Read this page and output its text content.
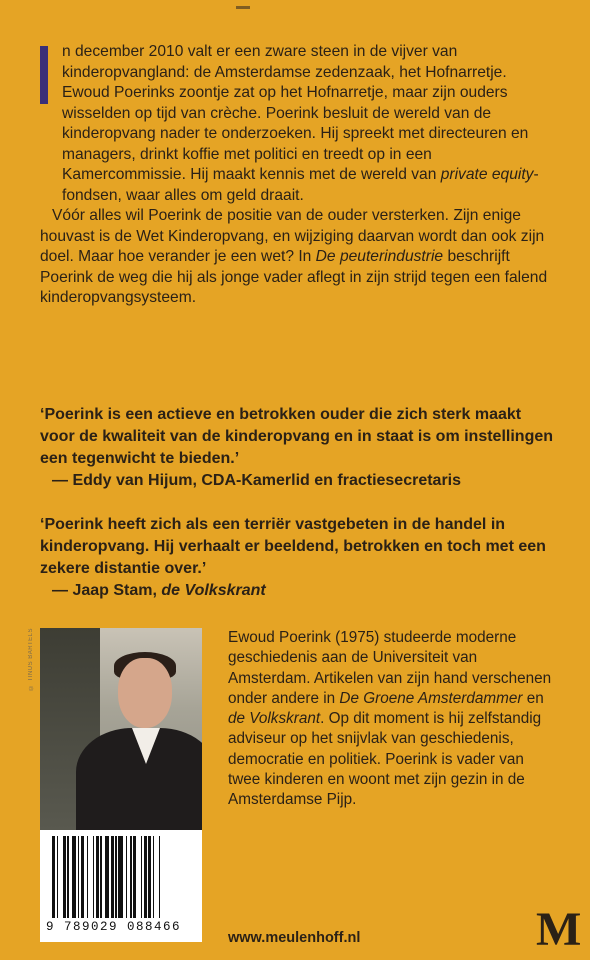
n december 2010 valt er een zware steen in de vijver van kinderopvangland: de Amsterdamse zedenzaak, het Hofnarretje. Ewoud Poerinks zoontje zat op het Hofnarretje, maar zijn ouders wisselden op tijd van crèche. Poerink besluit de wereld van de kinderopvang nader te onderzoeken. Hij spreekt met directeuren en managers, drinkt koffie met politici en treedt op in een Kamercommissie. Hij maakt kennis met de wereld van private equity-fondsen, waar alles om geld draait.

Vóór alles wil Poerink de positie van de ouder versterken. Zijn enige houvast is de Wet Kinderopvang, en wijziging daarvan wordt dan ook zijn doel. Maar hoe verander je een wet? In De peuterindustrie beschrijft Poerink de weg die hij als jonge vader aflegt in zijn strijd tegen een falend kinderopvangsysteem.

‘Poerink is een actieve en betrokken ouder die zich sterk maakt voor de kwaliteit van de kinderopvang en in staat is om instellingen een tegenwicht te bieden.’
— Eddy van Hijum, CDA-Kamerlid en fractiesecretaris
‘Poerink heeft zich als een terriër vastgebeten in de handel in kinderopvang. Hij verhaalt er beeldend, betrokken en toch met een zekere distantie over.’
— Jaap Stam, de Volkskrant
© TINUS BARTELS	Ewoud Poerink (1975) studeerde moderne geschiedenis aan de Universiteit van Amsterdam. Artikelen van zijn hand verschenen onder andere in De Groene Amsterdammer en de Volkskrant. Op dit moment is hij zelfstandig adviseur op het snijvlak van geschiedenis, democratie en politiek. Poerink is vader van twee kinderen en woont met zijn gezin in de Amsterdamse Pijp.
9 789029 088466
www.meulenhoff.nl	M
